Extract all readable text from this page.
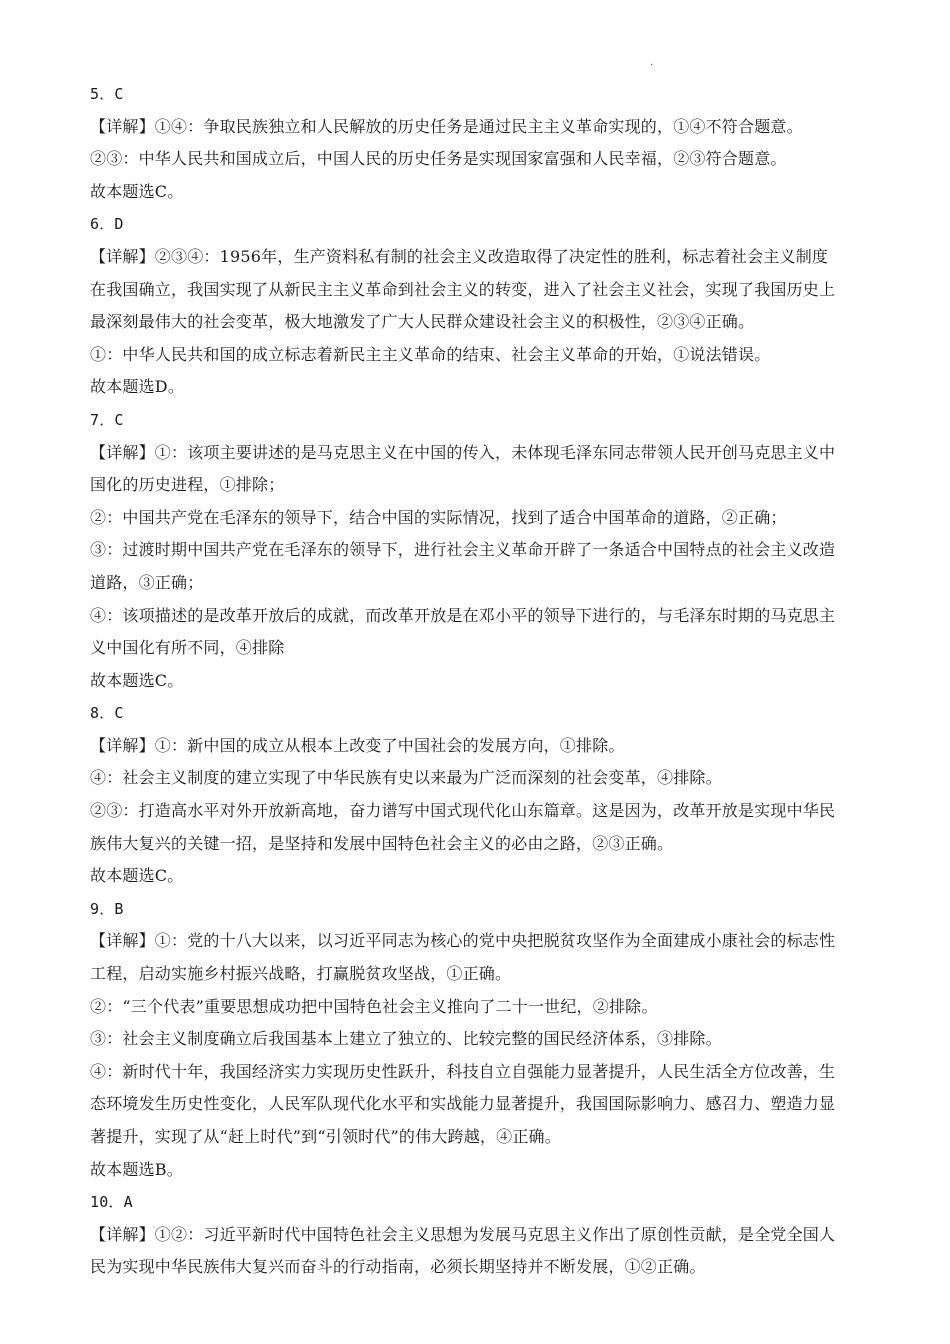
·
5．C
【详解】①④：争取民族独立和人民解放的历史任务是通过民主主义革命实现的，①④不符合题意。
②③：中华人民共和国成立后，中国人民的历史任务是实现国家富强和人民幸福，②③符合题意。
故本题选C。
6．D
【详解】②③④：1956年，生产资料私有制的社会主义改造取得了决定性的胜利，标志着社会主义制度
在我国确立，我国实现了从新民主主义革命到社会主义的转变，进入了社会主义社会，实现了我国历史上
最深刻最伟大的社会变革，极大地激发了广大人民群众建设社会主义的积极性，②③④正确。
①：中华人民共和国的成立标志着新民主主义革命的结束、社会主义革命的开始，①说法错误。
故本题选D。
7．C
【详解】①：该项主要讲述的是马克思主义在中国的传入，未体现毛泽东同志带领人民开创马克思主义中
国化的历史进程，①排除；
②：中国共产党在毛泽东的领导下，结合中国的实际情况，找到了适合中国革命的道路，②正确；
③：过渡时期中国共产党在毛泽东的领导下，进行社会主义革命开辟了一条适合中国特点的社会主义改造
道路，③正确；
④：该项描述的是改革开放后的成就，而改革开放是在邓小平的领导下进行的，与毛泽东时期的马克思主
义中国化有所不同，④排除
故本题选C。
8．C
【详解】①：新中国的成立从根本上改变了中国社会的发展方向，①排除。
④：社会主义制度的建立实现了中华民族有史以来最为广泛而深刻的社会变革，④排除。
②③：打造高水平对外开放新高地，奋力谱写中国式现代化山东篇章。这是因为，改革开放是实现中华民
族伟大复兴的关键一招，是坚持和发展中国特色社会主义的必由之路，②③正确。
故本题选C。
9．B
【详解】①：党的十八大以来，以习近平同志为核心的党中央把脱贫攻坚作为全面建成小康社会的标志性
工程，启动实施乡村振兴战略，打赢脱贫攻坚战，①正确。
②：“三个代表”重要思想成功把中国特色社会主义推向了二十一世纪，②排除。
③：社会主义制度确立后我国基本上建立了独立的、比较完整的国民经济体系，③排除。
④：新时代十年，我国经济实力实现历史性跃升，科技自立自强能力显著提升，人民生活全方位改善，生
态环境发生历史性变化，人民军队现代化水平和实战能力显著提升，我国国际影响力、感召力、塑造力显
著提升，实现了从“赶上时代”到“引领时代”的伟大跨越，④正确。
故本题选B。
10．A
【详解】①②：习近平新时代中国特色社会主义思想为发展马克思主义作出了原创性贡献，是全党全国人
民为实现中华民族伟大复兴而奋斗的行动指南，必须长期坚持并不断发展，①②正确。
